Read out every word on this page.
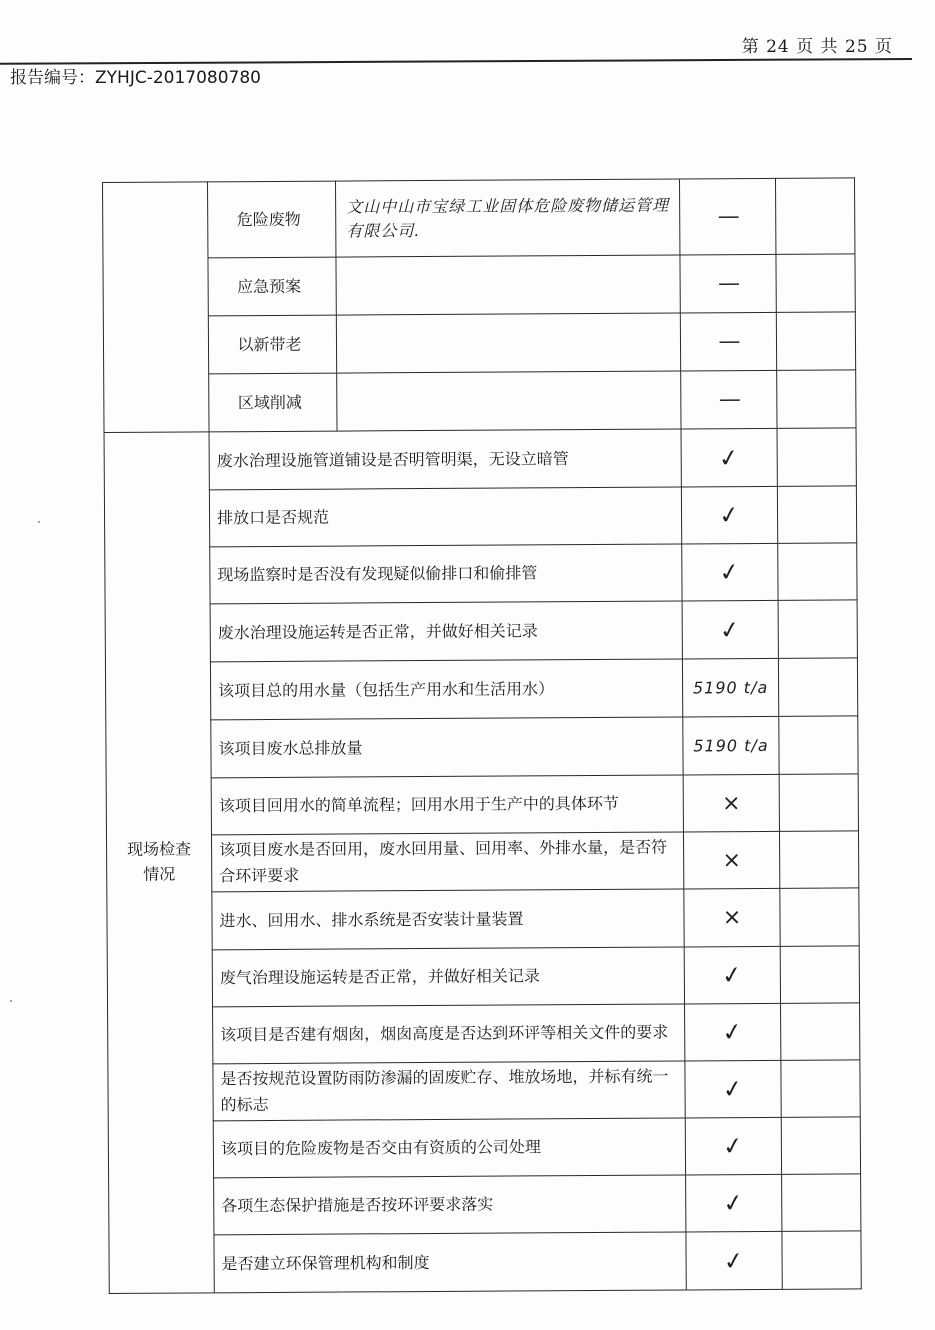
第 24 页 共 25 页
报告编号：ZYHJC-2017080780
	危险废物	文山中山市宝绿工业固体危险废物储运管理有限公司.	—	
	应急预案		—	
	以新带老		—	
	区域削减		—	
现场检查情况	废水治理设施管道铺设是否明管明渠，无设立暗管		✓	
	排放口是否规范		✓	
	现场监察时是否没有发现疑似偷排口和偷排管		✓	
	废水治理设施运转是否正常，并做好相关记录		✓	
	该项目总的用水量（包括生产用水和生活用水）		5190 t/a	
	该项目废水总排放量		5190 t/a	
	该项目回用水的简单流程；回用水用于生产中的具体环节		×	
	该项目废水是否回用，废水回用量、回用率、外排水量，是否符合环评要求		×	
	进水、回用水、排水系统是否安装计量装置		×	
	废气治理设施运转是否正常，并做好相关记录		✓	
	该项目是否建有烟囱，烟囱高度是否达到环评等相关文件的要求		✓	
	是否按规范设置防雨防渗漏的固废贮存、堆放场地，并标有统一的标志		✓	
	该项目的危险废物是否交由有资质的公司处理		✓	
	各项生态保护措施是否按环评要求落实		✓	
	是否建立环保管理机构和制度		✓	
